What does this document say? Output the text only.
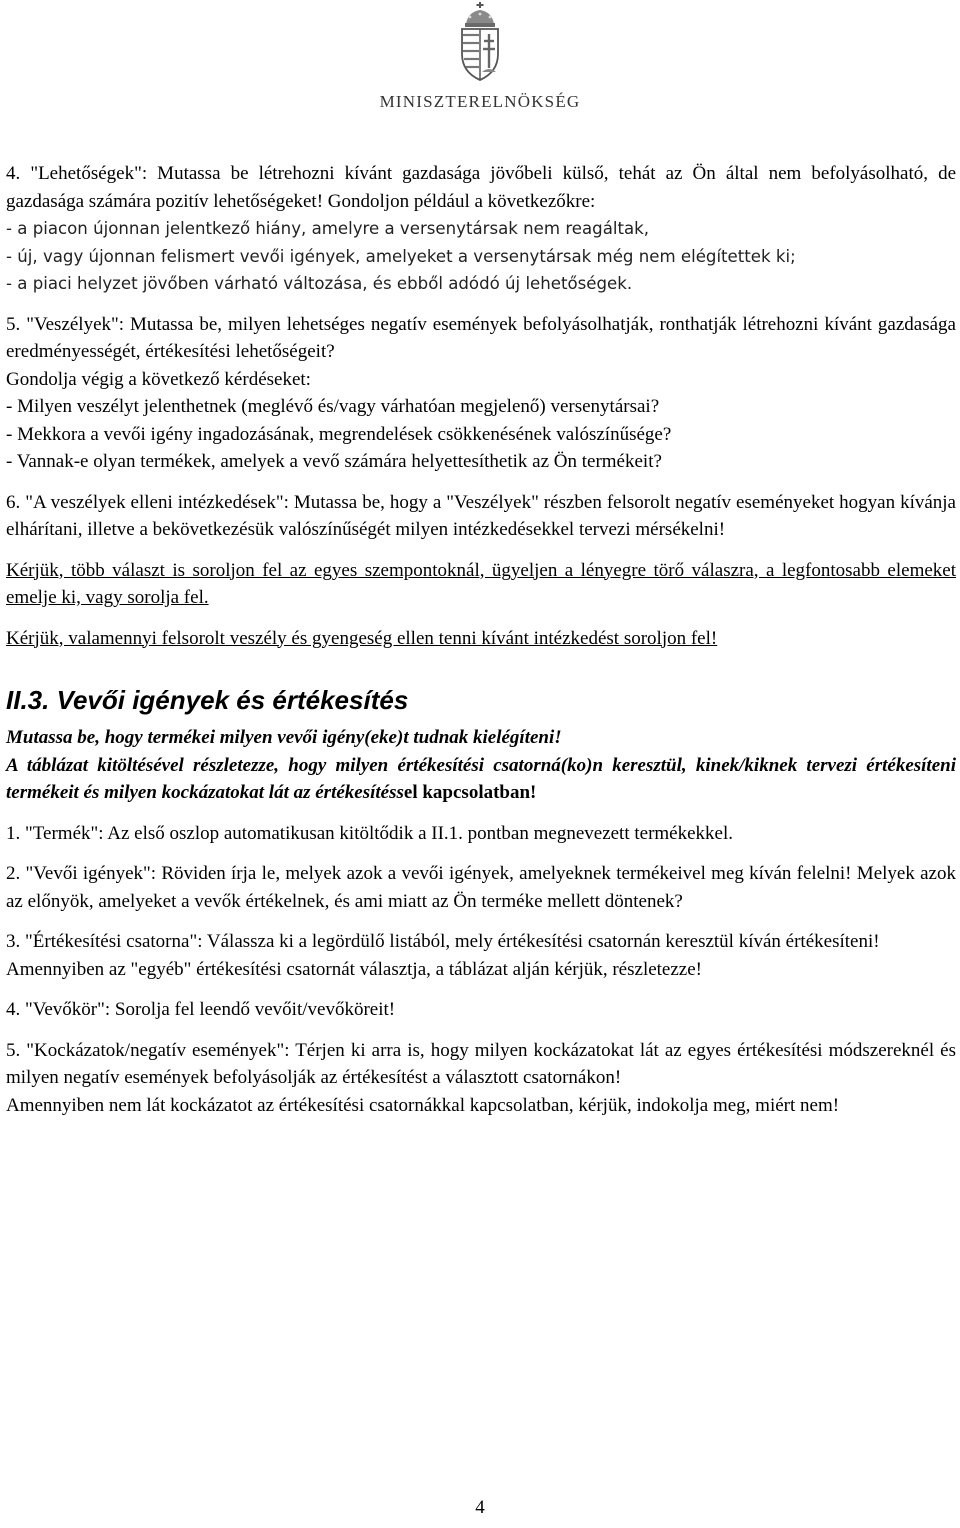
MINISZTERELNÖKSÉG

4. "Lehetőségek": Mutassa be létrehozni kívánt gazdasága jövőbeli külső, tehát az Ön által nem befolyásolható, de gazdasága számára pozitív lehetőségeket! Gondoljon például a következőkre:

- a piacon újonnan jelentkező hiány, amelyre a versenytársak nem reagáltak,

- új, vagy újonnan felismert vevői igények, amelyeket a versenytársak még nem elégítettek ki;

- a piaci helyzet jövőben várható változása, és ebből adódó új lehetőségek.

5. "Veszélyek": Mutassa be, milyen lehetséges negatív események befolyásolhatják, ronthatják létrehozni kívánt gazdasága eredményességét, értékesítési lehetőségeit?

Gondolja végig a következő kérdéseket:

- Milyen veszélyt jelenthetnek (meglévő és/vagy várhatóan megjelenő) versenytársai?

- Mekkora a vevői igény ingadozásának, megrendelések csökkenésének valószínűsége?

- Vannak-e olyan termékek, amelyek a vevő számára helyettesíthetik az Ön termékeit?

6. "A veszélyek elleni intézkedések": Mutassa be, hogy a "Veszélyek" részben felsorolt negatív eseményeket hogyan kívánja elhárítani, illetve a bekövetkezésük valószínűségét milyen intézkedésekkel tervezi mérsékelni!

Kérjük, több választ is soroljon fel az egyes szempontoknál, ügyeljen a lényegre törő válaszra, a legfontosabb elemeket emelje ki, vagy sorolja fel.

Kérjük, valamennyi felsorolt veszély és gyengeség ellen tenni kívánt intézkedést soroljon fel!

II.3. Vevői igények és értékesítés

Mutassa be, hogy termékei milyen vevői igény(eke)t tudnak kielégíteni!

A táblázat kitöltésével részletezze, hogy milyen értékesítési csatorná(ko)n keresztül, kinek/kiknek tervezi értékesíteni termékeit és milyen kockázatokat lát az értékesítéssel kapcsolatban!

1. "Termék": Az első oszlop automatikusan kitöltődik a II.1. pontban megnevezett termékekkel.

2. "Vevői igények": Röviden írja le, melyek azok a vevői igények, amelyeknek termékeivel meg kíván felelni! Melyek azok az előnyök, amelyeket a vevők értékelnek, és ami miatt az Ön terméke mellett döntenek?

3. "Értékesítési csatorna": Válassza ki a legördülő listából, mely értékesítési csatornán keresztül kíván értékesíteni!

Amennyiben az "egyéb" értékesítési csatornát választja, a táblázat alján kérjük, részletezze!

4. "Vevőkör": Sorolja fel leendő vevőit/vevőköreit!

5. "Kockázatok/negatív események": Térjen ki arra is, hogy milyen kockázatokat lát az egyes értékesítési módszereknél és milyen negatív események befolyásolják az értékesítést a választott csatornákon!

Amennyiben nem lát kockázatot az értékesítési csatornákkal kapcsolatban, kérjük, indokolja meg, miért nem!

4
